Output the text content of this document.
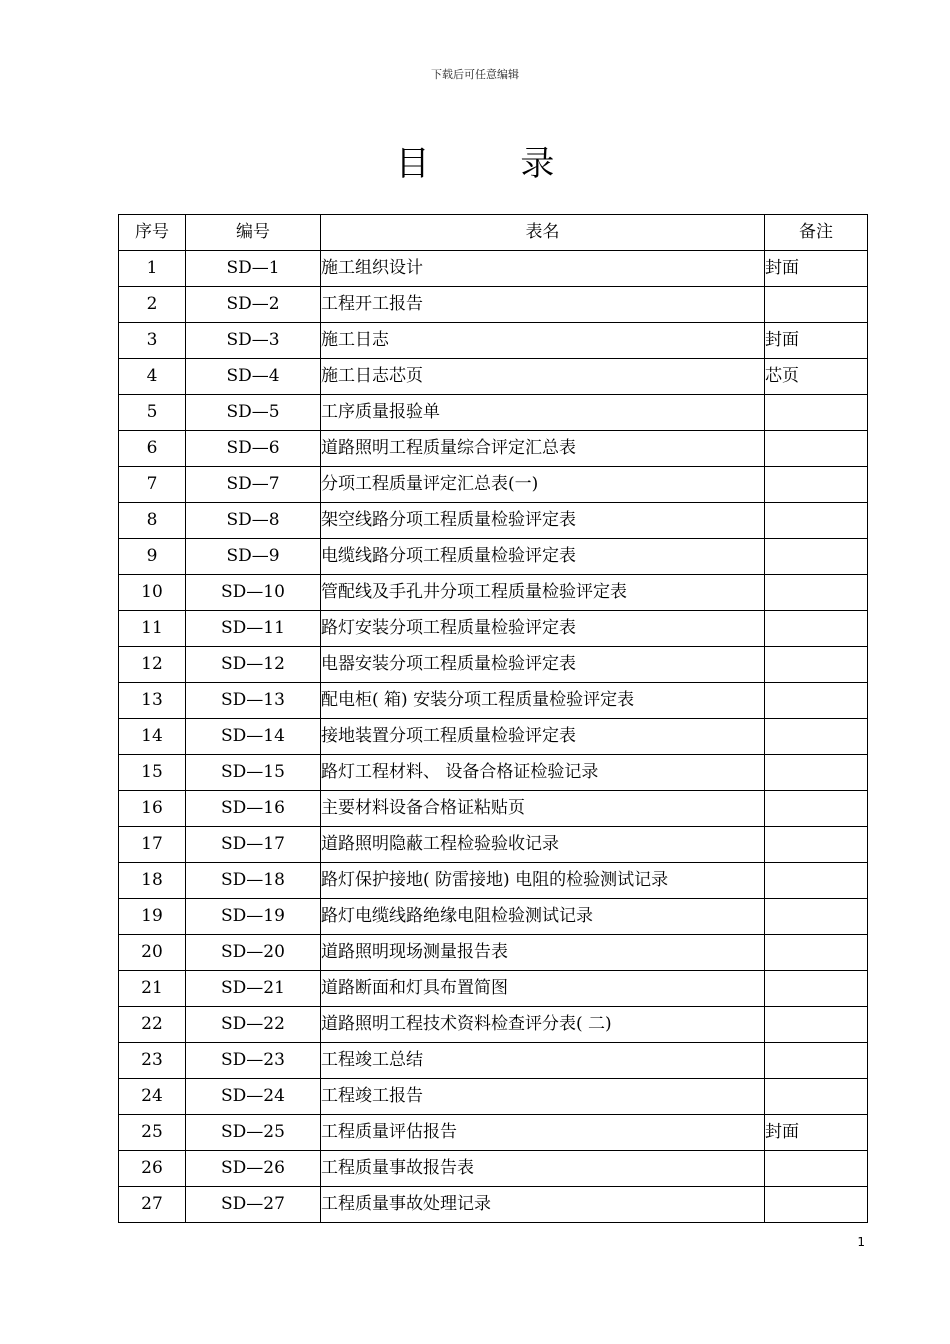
下载后可任意编辑
目 录
序号	编号	表名	备注
1	SD—1	施工组织设计	封面
2	SD—2	工程开工报告	
3	SD—3	施工日志	封面
4	SD—4	施工日志芯页	芯页
5	SD—5	工序质量报验单	
6	SD—6	道路照明工程质量综合评定汇总表	
7	SD—7	分项工程质量评定汇总表(一)	
8	SD—8	架空线路分项工程质量检验评定表	
9	SD—9	电缆线路分项工程质量检验评定表	
10	SD—10	管配线及手孔井分项工程质量检验评定表	
11	SD—11	路灯安装分项工程质量检验评定表	
12	SD—12	电器安装分项工程质量检验评定表	
13	SD—13	配电柜( 箱) 安装分项工程质量检验评定表	
14	SD—14	接地装置分项工程质量检验评定表	
15	SD—15	路灯工程材料、 设备合格证检验记录	
16	SD—16	主要材料设备合格证粘贴页	
17	SD—17	道路照明隐蔽工程检验验收记录	
18	SD—18	路灯保护接地( 防雷接地) 电阻的检验测试记录	
19	SD—19	路灯电缆线路绝缘电阻检验测试记录	
20	SD—20	道路照明现场测量报告表	
21	SD—21	道路断面和灯具布置简图	
22	SD—22	道路照明工程技术资料检查评分表( 二)	
23	SD—23	工程竣工总结	
24	SD—24	工程竣工报告	
25	SD—25	工程质量评估报告	封面
26	SD—26	工程质量事故报告表	
27	SD—27	工程质量事故处理记录	
1
